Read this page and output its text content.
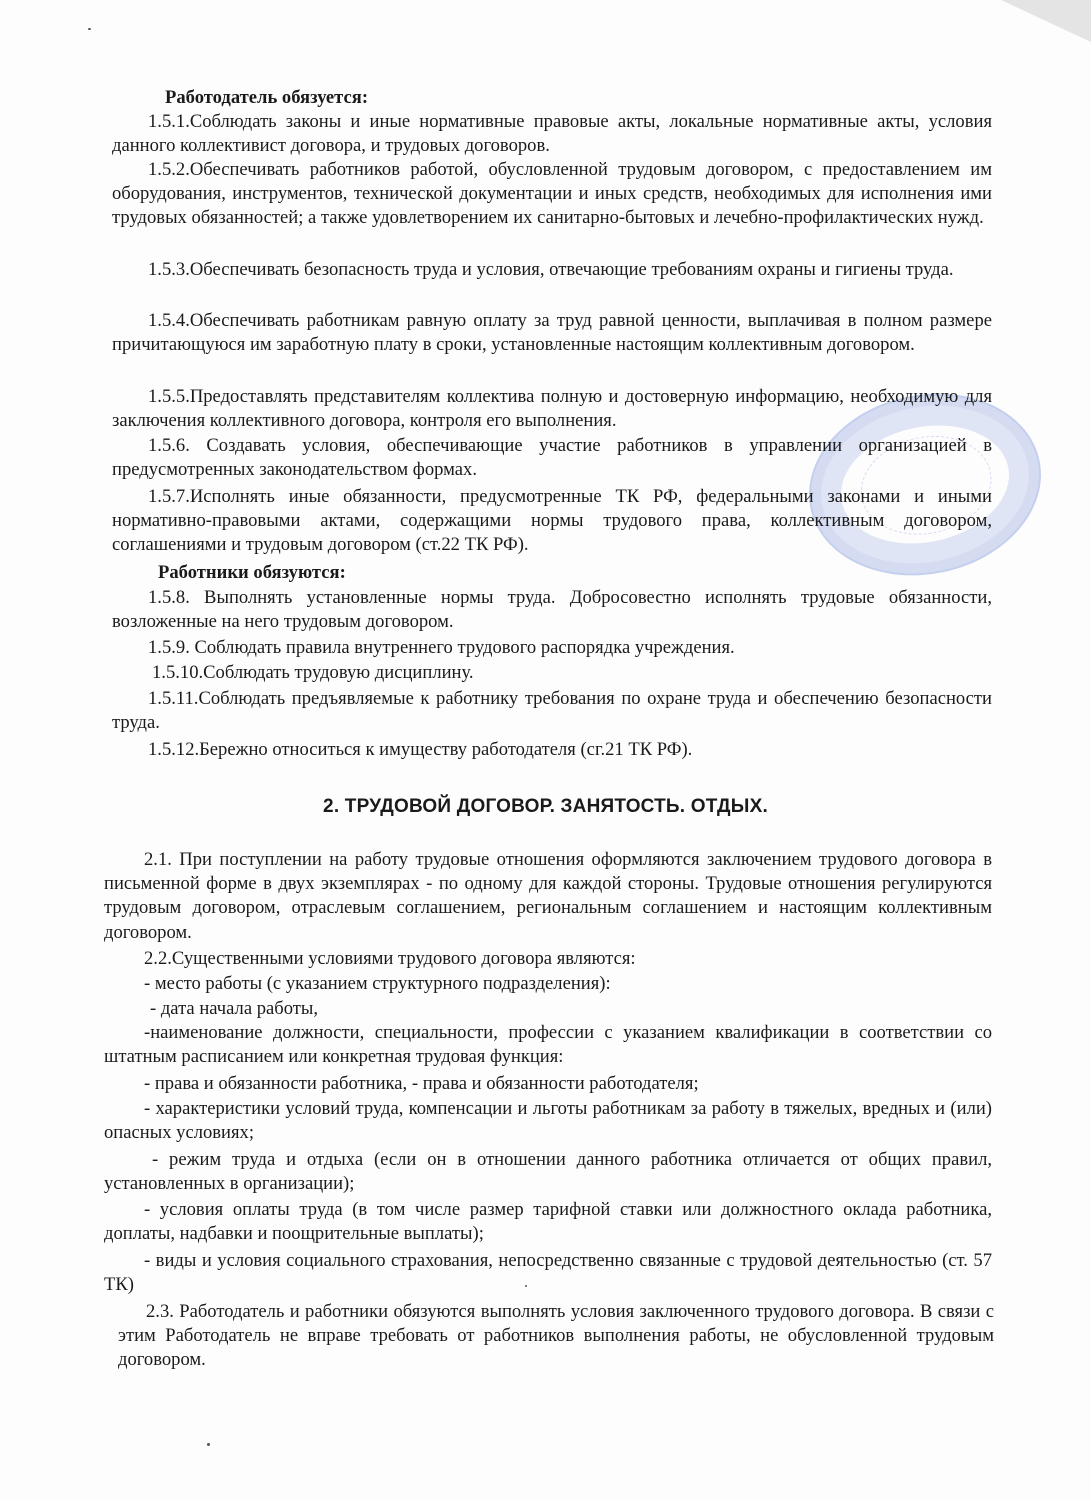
Работодатель обязуется:

1.5.1.Соблюдать законы и иные нормативные правовые акты, локальные нормативные акты, условия данного коллективист договора, и трудовых договоров.

1.5.2.Обеспечивать работников работой, обусловленной трудовым договором, с предоставлением им оборудования, инструментов, технической документации и иных средств, необходимых для исполнения ими трудовых обязанностей; а также удовлетворением их санитарно-бытовых и лечебно-профилактических нужд.

1.5.3.Обеспечивать безопасность труда и условия, отвечающие требованиям охраны и гигиены труда.

1.5.4.Обеспечивать работникам равную оплату за труд равной ценности, выплачивая в полном размере причитающуюся им заработную плату в сроки, установленные настоящим коллективным договором.

1.5.5.Предоставлять представителям коллектива полную и достоверную информацию, необходимую для заключения коллективного договора, контроля его выполнения.

1.5.6. Создавать условия, обеспечивающие участие работников в управлении организацией в предусмотренных законодательством формах.

1.5.7.Исполнять иные обязанности, предусмотренные ТК РФ, федеральными законами и иными нормативно-правовыми актами, содержащими нормы трудового права, коллективным договором, соглашениями и трудовым договором (ст.22 ТК РФ).

Работники обязуются:

1.5.8. Выполнять установленные нормы труда. Добросовестно исполнять трудовые обязанности, возложенные на него трудовым договором.

1.5.9. Соблюдать правила внутреннего трудового распорядка учреждения.

1.5.10.Соблюдать трудовую дисциплину.

1.5.11.Соблюдать предъявляемые к работнику требования по охране труда и обеспечению безопасности труда.

1.5.12.Бережно относиться к имуществу работодателя (сг.21 ТК РФ).

2. ТРУДОВОЙ ДОГОВОР. ЗАНЯТОСТЬ. ОТДЫХ.

2.1. При поступлении на работу трудовые отношения оформляются заключением трудового договора в письменной форме в двух экземплярах - по одному для каждой стороны. Трудовые отношения регулируются трудовым договором, отраслевым соглашением, региональным соглашением и настоящим коллективным договором.

2.2.Существенными условиями трудового договора являются:

- место работы (с указанием структурного подразделения):

- дата начала работы,

-наименование должности, специальности, профессии с указанием квалификации в соответствии со штатным расписанием или конкретная трудовая функция:

- права и обязанности работника, - права и обязанности работодателя;

- характеристики условий труда, компенсации и льготы работникам за работу в тяжелых, вредных и (или) опасных условиях;

- режим труда и отдыха (если он в отношении данного работника отличается от общих правил, установленных в организации);

- условия оплаты труда (в том числе размер тарифной ставки или должностного оклада работника, доплаты, надбавки и поощрительные выплаты);

- виды и условия социального страхования, непосредственно связанные с трудовой деятельностью (ст. 57 ТК)

2.3. Работодатель и работники обязуются выполнять условия заключенного трудового договора. В связи с этим Работодатель не вправе требовать от работников выполнения работы, не обусловленной трудовым договором.
